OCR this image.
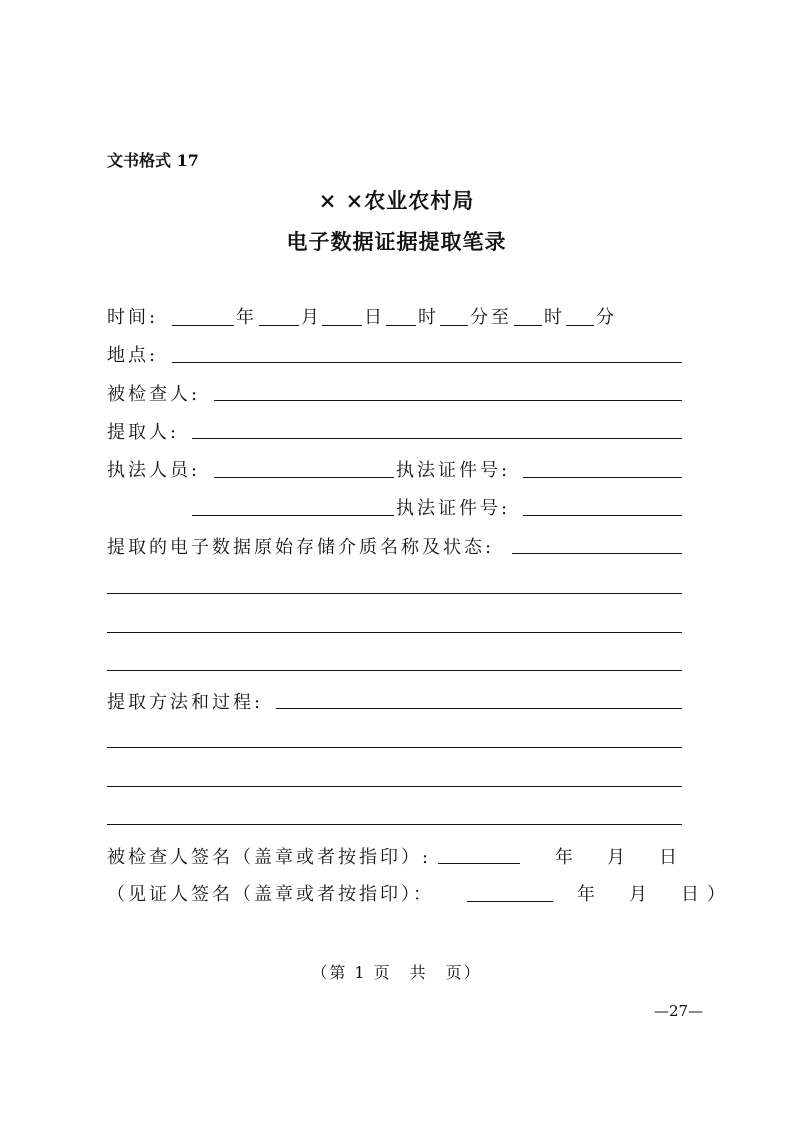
文书格式 17
× ×农业农村局
电子数据证据提取笔录
时间:	年 月 日 时 分至 时 分
地点:
被检查人:
提取人:
执法人员:	执法证件号:
执法证件号:
提取的电子数据原始存储介质名称及状态:
提取方法和过程:
被检查人签名（盖章或者按指印）:	年　月　日
（见证人签名（盖章或者按指印）：	年　月　日）
（第 1 页　共　页）
—27—
